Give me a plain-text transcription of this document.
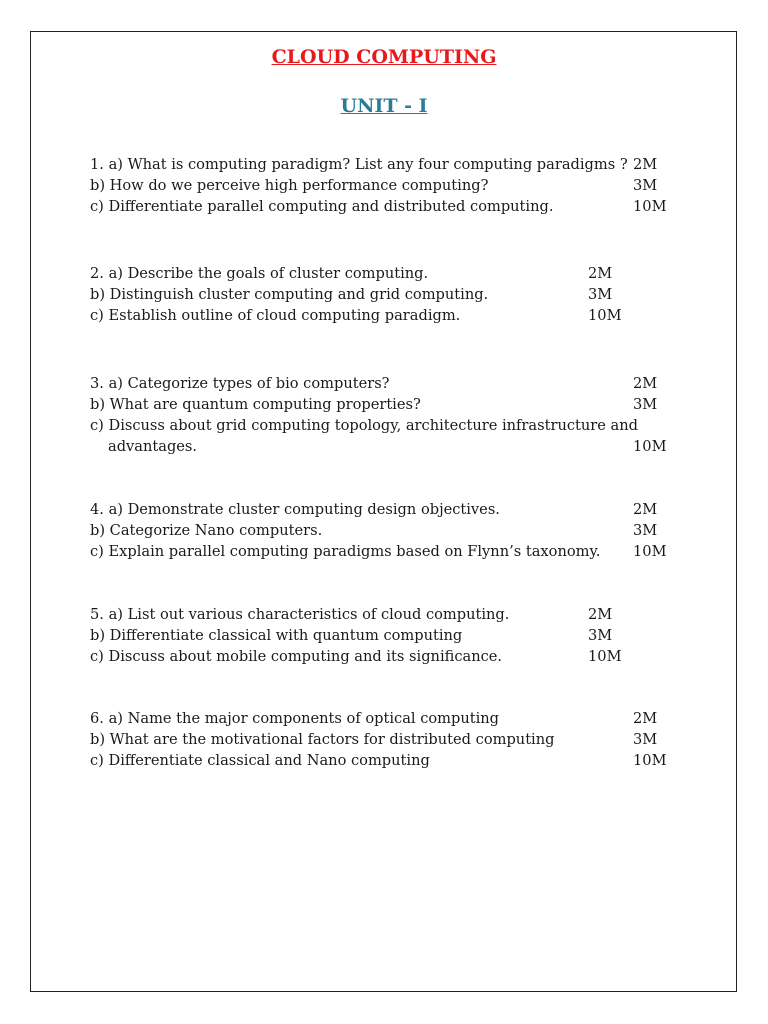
CLOUD COMPUTING
UNIT - I
1. a) What is computing paradigm? List any four computing paradigms ? 2M
b) How do we perceive high performance computing?	3M
c) Differentiate parallel computing and distributed computing.	10M
2. a) Describe the goals of cluster computing.	2M
b) Distinguish cluster computing and grid computing.	3M
c) Establish outline of cloud computing paradigm.	10M
3. a) Categorize types of bio computers?	2M
b) What are quantum computing properties?	3M
c) Discuss about grid computing topology, architecture infrastructure and
advantages.	10M
4. a) Demonstrate cluster computing design objectives.	2M
b) Categorize Nano computers.	3M
c) Explain parallel computing paradigms based on Flynn’s taxonomy. 10M
5. a) List out various characteristics of cloud computing.	2M
b) Differentiate classical with quantum computing	3M
c) Discuss about mobile computing and its significance.	10M
6. a) Name the major components of optical computing	2M
b) What are the motivational factors for distributed computing	3M
c) Differentiate classical and Nano computing	10M
